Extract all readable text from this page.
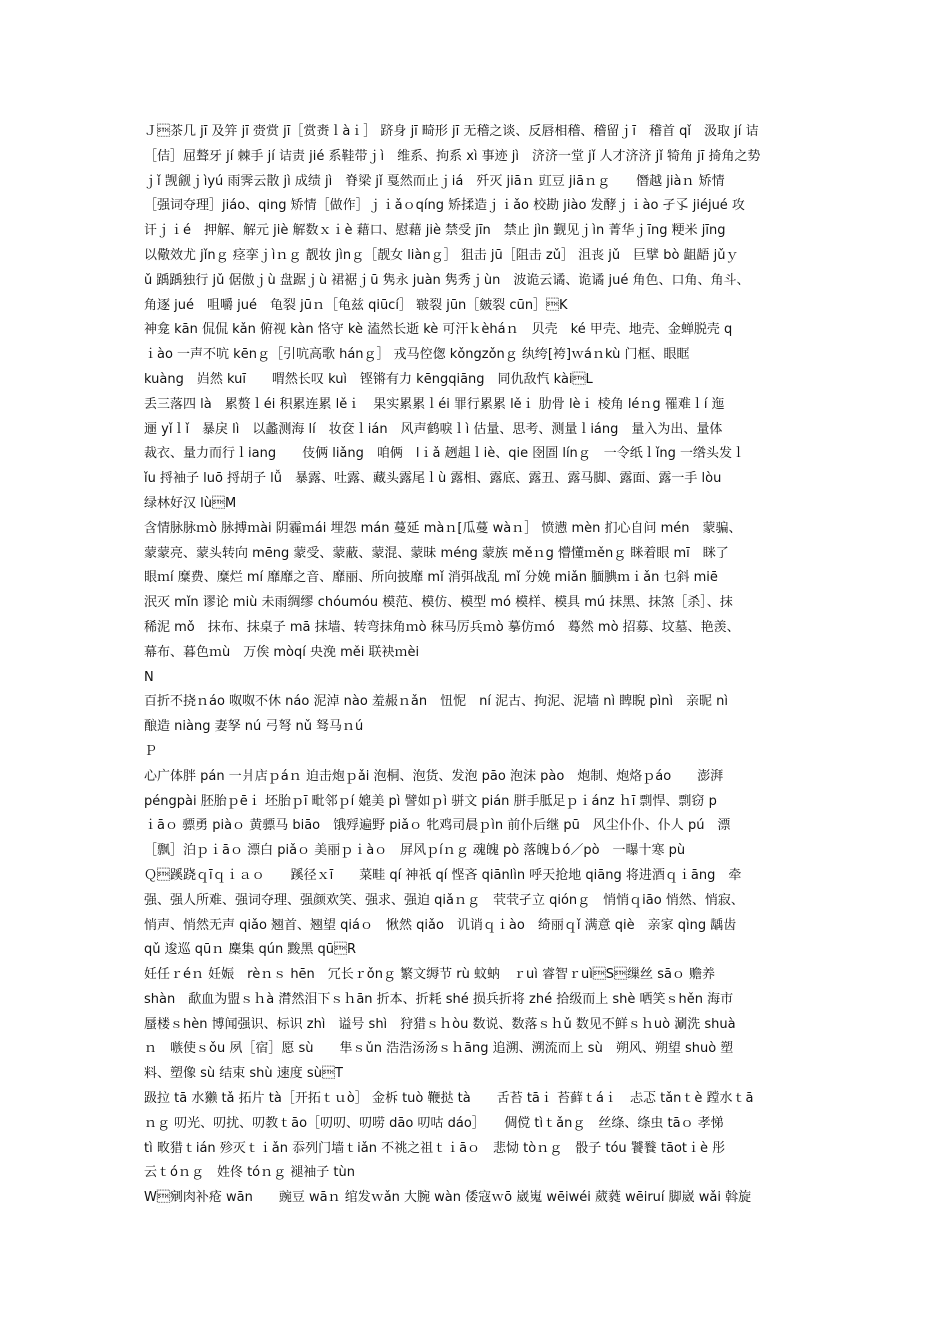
Ｊ茶几 jī 及笄 jī 赍赏 jī［赏赉ｌàｉ］ 跻身 jī 畸形 jī 无稽之谈、反唇相稽、稽留ｊī　稽首 qǐ　汲取 jí 诘
［佶］屈聱牙 jí 棘手 jí 诘责 jié 系鞋带ｊì　维系、拘系 xì 事迹 jì　济济一堂 jǐ 人才济济 jǐ 犄角 jī 掎角之势
ｊǐ 觊觎ｊìyú 雨霁云散 jì 成绩 jì　脊梁 jǐ 戛然而止ｊiá　歼灭 jiāｎ 豇豆 jiāｎｇ　　僭越 jiàｎ 矫情
［强词夺理］jiáo、qing 矫情［做作］ｊｉǎｏqíng 矫揉造ｊｉǎo 校勘 jiào 发酵ｊｉào 孑孓 jiéjué 攻
讦ｊｉé　押解、解元 jiè 解数ｘｉè 藉口、慰藉 jiè 禁受 jīn　禁止 jìn 觐见ｊìn 菁华ｊīng 粳米 jīng
以儆效尤 jǐnｇ 痉挛ｊìｎｇ 靓妆 jìnｇ［靓女 liànｇ］ 狙击 jū［阻击 zǔ］ 沮丧 jǔ　巨擘 bò 龃龉 jǔｙ
ǔ 踽踽独行 jǔ 倨傲ｊù 盘踞ｊù 裙裾ｊū 隽永 juàn 隽秀ｊùn　波诡云谲、诡谲 jué 角色、口角、角斗、
角逐 jué　咀嚼 jué　龟裂 jūｎ［龟兹 qiūcí］ 皲裂 jūn［皴裂 cūn］K
神龛 kān 侃侃 kǎn 俯视 kàn 恪守 kè 溘然长逝 kè 可汗ｋèháｎ　贝壳　ké 甲壳、地壳、金蝉脱壳 q
ｉào 一声不吭 kēnｇ［引吭高歌 hánｇ］ 戎马倥偬 kǒngzǒnｇ 纨绔[袴]ｗáｎkù 门框、眼眶
kuàng　岿然 kuī　　喟然长叹 kuì　铿锵有力 kēngqiāng　同仇敌忾 kàiL
丢三落四 là　累赘ｌéi 积累连累 lěｉ　果实累累ｌéi 罪行累累 lěｉ 肋骨 lèｉ 棱角 léｎg 罹难ｌí 迤
逦 yǐｌǐ　暴戾 lì　以蠡测海 lí　妆奁ｌián　风声鹤唳ｌì 估量、思考、测量ｌiáng　量入为出、量体
裁衣、量力而行ｌiang　　伎俩 liǎng　咱俩　lｉǎ 趔趄ｌiè、qie 囹圄 línｇ　一令纸ｌǐng 一绺头发ｌ
ǐu 捋袖子 luō 捋胡子 lǚ　暴露、吐露、藏头露尾ｌù 露相、露底、露丑、露马脚、露面、露一手 lòu
绿林好汉 lùM
含情脉脉ｍò 脉搏ｍài 阴霾ｍái 埋怨 mán 蔓延 màｎ[瓜蔓 wàｎ］ 愤懑 mèn 扪心自问 mén　蒙骗、
蒙蒙亮、蒙头转向 mēng 蒙受、蒙蔽、蒙混、蒙昧 méng 蒙族 měｎg 懵懂ｍěnｇ 眯着眼 mī　眯了
眼ｍí 糜费、糜烂 mí 靡靡之音、靡丽、所向披靡 mǐ 消弭战乱 mǐ 分娩 miǎn 腼腆ｍｉǎn 乜斜 miē
泯灭 mǐn 谬论 miù 未雨绸缪 chóumóu 模范、模仿、模型 mó 模样、模具 mú 抹黑、抹煞［杀］、抹
稀泥 mǒ　抹布、抹桌子 mā 抹墙、转弯抹角ｍò 秣马厉兵ｍò 摹仿ｍó　蓦然 mò 招募、坟墓、艳羡、
幕布、暮色ｍù　万俟 mòqí 央浼 měi 联袂ｍèi
N
百折不挠ｎáo 呶呶不休 náo 泥淖 nào 羞赧ｎǎn　忸怩　ní 泥古、拘泥、泥墙 nì 睥睨 pìnì　亲昵 nì
酿造 niàng 妻孥 nú 弓弩 nǔ 驽马ｎú
Ｐ
心广体胖 pán 一爿店ｐáｎ 迫击炮ｐǎi 泡桐、泡货、发泡 pāo 泡沫 pào　炮制、炮烙ｐáo　　澎湃
péngpài 胚胎ｐēｉ 坯胎ｐī 毗邻ｐí 媲美 pì 譬如ｐì 骈文 pián 胼手胝足ｐｉánz ｈī 剽悍、剽窃 p
ｉāｏ 骠勇 piàｏ 黄骠马 biāo　饿殍遍野 piǎｏ 牝鸡司晨ｐìn 前仆后继 pū　风尘仆仆、仆人 pú　漂
［飘］泊ｐｉāｏ 漂白 piǎｏ 美丽ｐｉàｏ　屏风ｐíｎｇ 魂魄 pò 落魄ｂó／pò　一曝十寒 pù
Ｑ蹊跷ｑīｑｉａｏ　　蹊径ｘī　　菜畦 qí 神祇 qí 悭吝 qiānlìn 呼天抢地 qiāng 将进酒ｑｉāng　牵
强、强人所难、强词夺理、强颜欢笑、强求、强迫 qiǎｎｇ　茕茕孑立 qiónｇ　悄悄ｑiāo 悄然、悄寂、
悄声、悄然无声 qiǎo 翘首、翘望 qiáｏ　愀然 qiǎo　讥诮ｑｉào　绮丽ｑǐ 满意 qiè　亲家 qìng 龋齿
qǔ 逡巡 qūｎ 麇集 qún 黢黑 qūR
妊任ｒéｎ 妊娠　rèｎｓ hēn　冗长ｒǒnｇ 繁文缛节 rù 蚊蚋　ｒuì 睿智ｒuìS缫丝 sāｏ 赡养
shàn　歃血为盟ｓｈà 潸然泪下ｓｈān 折本、折耗 shé 损兵折将 zhé 拾级而上 shè 哂笑ｓhěn 海市
蜃楼ｓhèn 博闻强识、标识 zhì　谥号 shì　狩猎ｓｈòu 数说、数落ｓｈǔ 数见不鲜ｓｈuò 涮洗 shuà
ｎ　嗾使ｓǒu 夙［宿］愿 sù　　隼ｓǔn 浩浩汤汤ｓｈāng 追溯、溯流而上 sù　朔风、朔望 shuò 塑
料、塑像 sù 结束 shù 速度 sùT
趿拉 tā 水獭 tǎ 拓片 tà［开拓ｔｕò］ 金柝 tuò 鞭挞 tà　　舌苔 tāｉ 苔藓ｔáｉ　忐忑 tǎnｔè 蹚水ｔā
ｎｇ 叨光、叨扰、叨教ｔāo［叨叨、叨唠 dāo 叨咕 dáo］　　倜傥 tìｔǎnｇ　丝绦、绦虫 tāｏ 孝悌
tì 畋猎ｔián 殄灭ｔｉǎn 忝列门墙ｔiǎn 不祧之祖ｔｉāｏ　悲恸 tòｎｇ　骰子 tóu 饕餮 tāotｉè 彤
云ｔóｎｇ　姓佟 tóｎｇ 褪袖子 tùn
W剜肉补疮 wān　　豌豆 wāｎ 绾发ｗǎn 大腕 wàn 倭寇ｗō 崴嵬 wēiwéi 葳蕤 wēiruí 脚崴 wǎi 斡旋
